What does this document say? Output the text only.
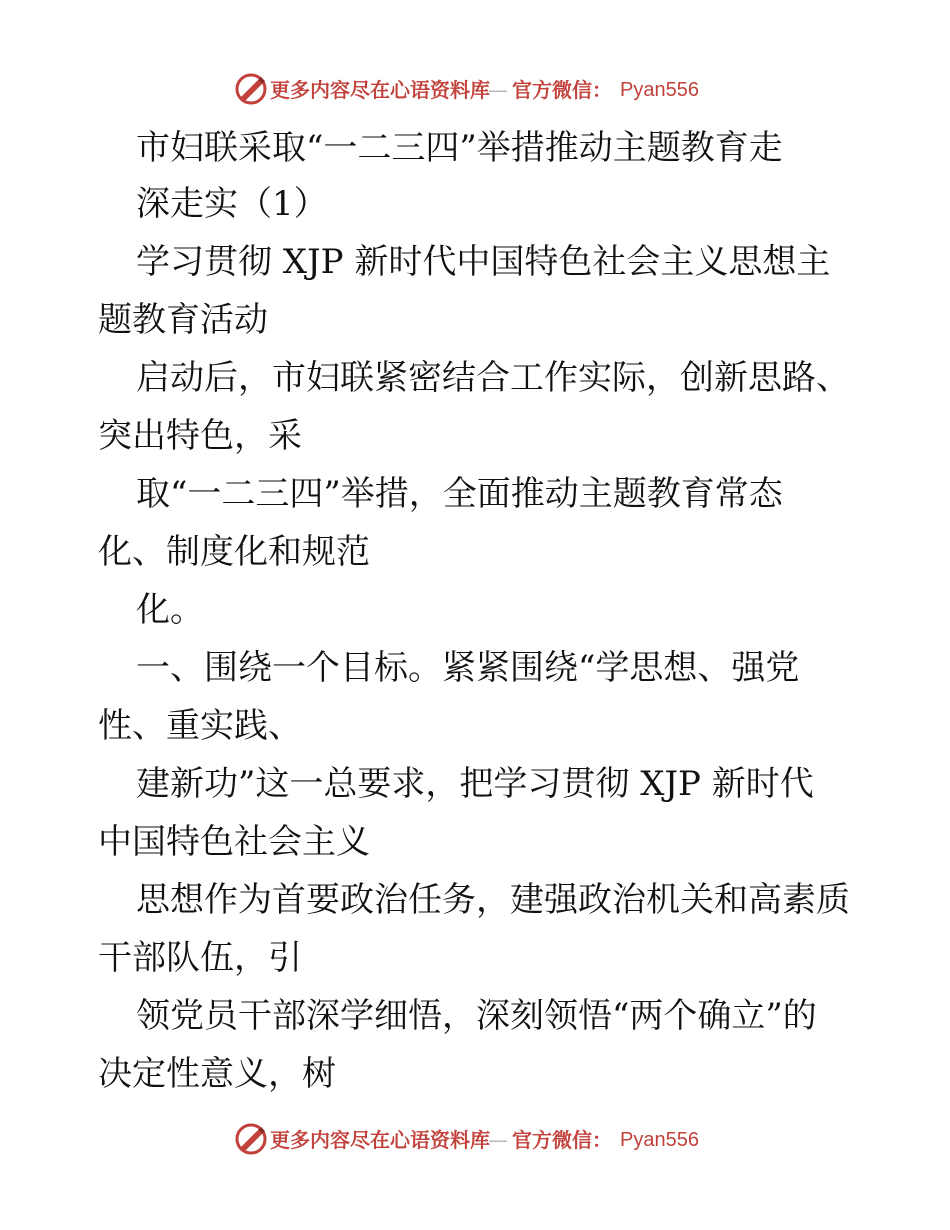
更多内容尽在心语资料库
— 官方微信： Pyan556
市妇联采取“一二三四”举措推动主题教育走
深走实（1）
学习贯彻 XJP 新时代中国特色社会主义思想主
题教育活动
启动后，市妇联紧密结合工作实际，创新思路、
突出特色，采
取“一二三四”举措，全面推动主题教育常态
化、制度化和规范
化。
一、围绕一个目标。紧紧围绕“学思想、强党
性、重实践、
建新功”这一总要求，把学习贯彻 XJP 新时代
中国特色社会主义
思想作为首要政治任务，建强政治机关和高素质
干部队伍，引
领党员干部深学细悟，深刻领悟“两个确立”的
决定性意义，树
更多内容尽在心语资料库
— 官方微信： Pyan556
